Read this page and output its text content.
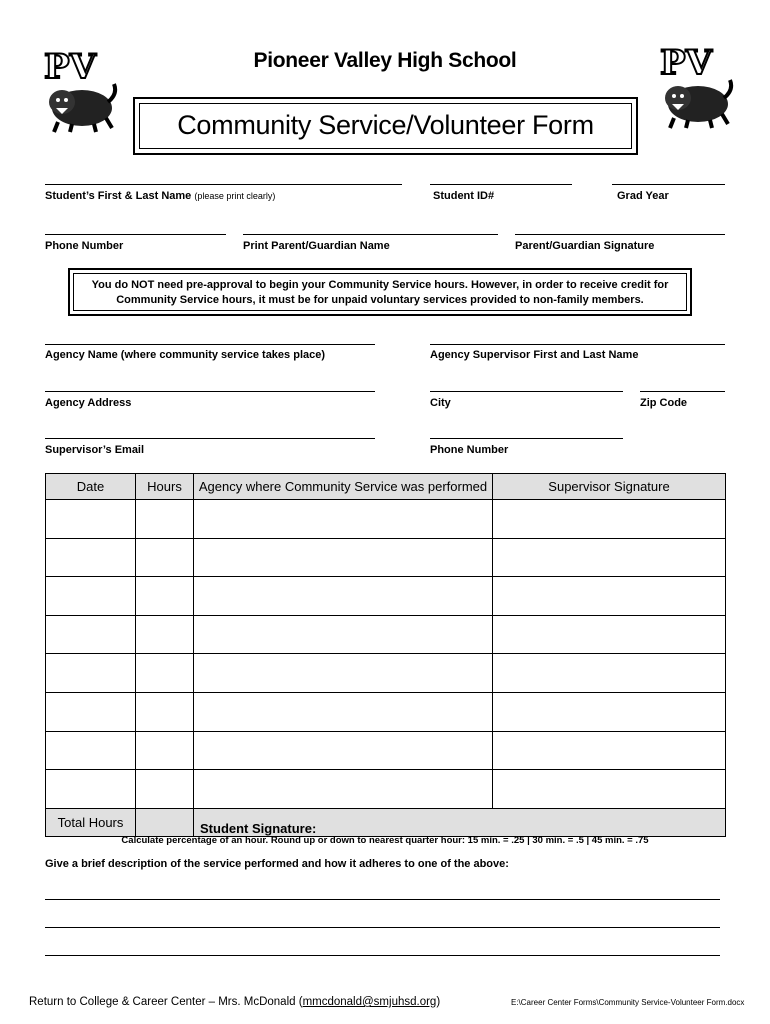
PV	PV
Pioneer Valley High School
Community Service/Volunteer Form
Student’s First & Last Name (please print clearly)	Student ID#	Grad Year
Phone Number	Print Parent/Guardian Name	Parent/Guardian Signature
You do NOT need pre-approval to begin your Community Service hours. However, in order to receive credit for
Community Service hours, it must be for unpaid voluntary services provided to non-family members.
Agency Name (where community service takes place)	Agency Supervisor First and Last Name
Agency Address	City	Zip Code
Supervisor’s Email	Phone Number
Date	Hours	Agency where Community Service was performed	Supervisor Signature

Total Hours		Student Signature:	
Calculate percentage of an hour. Round up or down to nearest quarter hour: 15 min. = .25 | 30 min. = .5 | 45 min. = .75
Give a brief description of the service performed and how it adheres to one of the above:
Return to College & Career Center – Mrs. McDonald (mmcdonald@smjuhsd.org)	E:\Career Center Forms\Community Service-Volunteer Form.docx
